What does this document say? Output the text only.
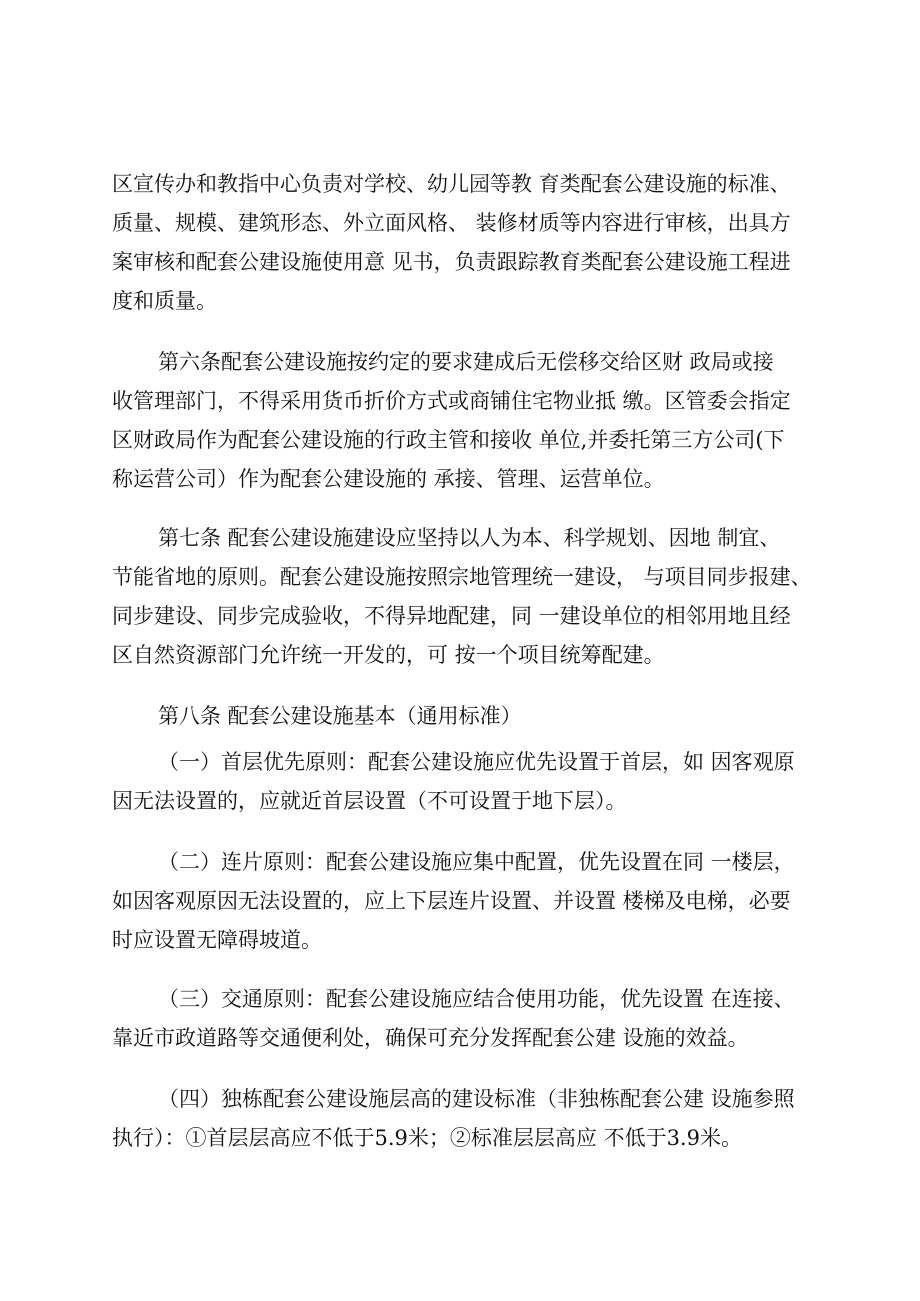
区宣传办和教指中心负责对学校、幼儿园等教 育类配套公建设施的标准、
质量、规模、建筑形态、外立面风格、 装修材质等内容进行审核，出具方
案审核和配套公建设施使用意 见书，负责跟踪教育类配套公建设施工程进
度和质量。
第六条配套公建设施按约定的要求建成后无偿移交给区财 政局或接
收管理部门，不得采用货币折价方式或商铺住宅物业抵 缴。区管委会指定
区财政局作为配套公建设施的行政主管和接收 单位,并委托第三方公司(下
称运营公司）作为配套公建设施的 承接、管理、运营单位。
第七条 配套公建设施建设应坚持以人为本、科学规划、因地 制宜、
节能省地的原则。配套公建设施按照宗地管理统一建设， 与项目同步报建、
同步建设、同步完成验收，不得异地配建，同 一建设单位的相邻用地且经
区自然资源部门允许统一开发的，可 按一个项目统筹配建。
第八条 配套公建设施基本（通用标准）
（一）首层优先原则：配套公建设施应优先设置于首层，如 因客观原
因无法设置的，应就近首层设置（不可设置于地下层）。
（二）连片原则：配套公建设施应集中配置，优先设置在同 一楼层，
如因客观原因无法设置的，应上下层连片设置、并设置 楼梯及电梯，必要
时应设置无障碍坡道。
（三）交通原则：配套公建设施应结合使用功能，优先设置 在连接、
靠近市政道路等交通便利处，确保可充分发挥配套公建 设施的效益。
（四）独栋配套公建设施层高的建设标准（非独栋配套公建 设施参照
执行）：①首层层高应不低于5.9米；②标准层层高应 不低于3.9米。
